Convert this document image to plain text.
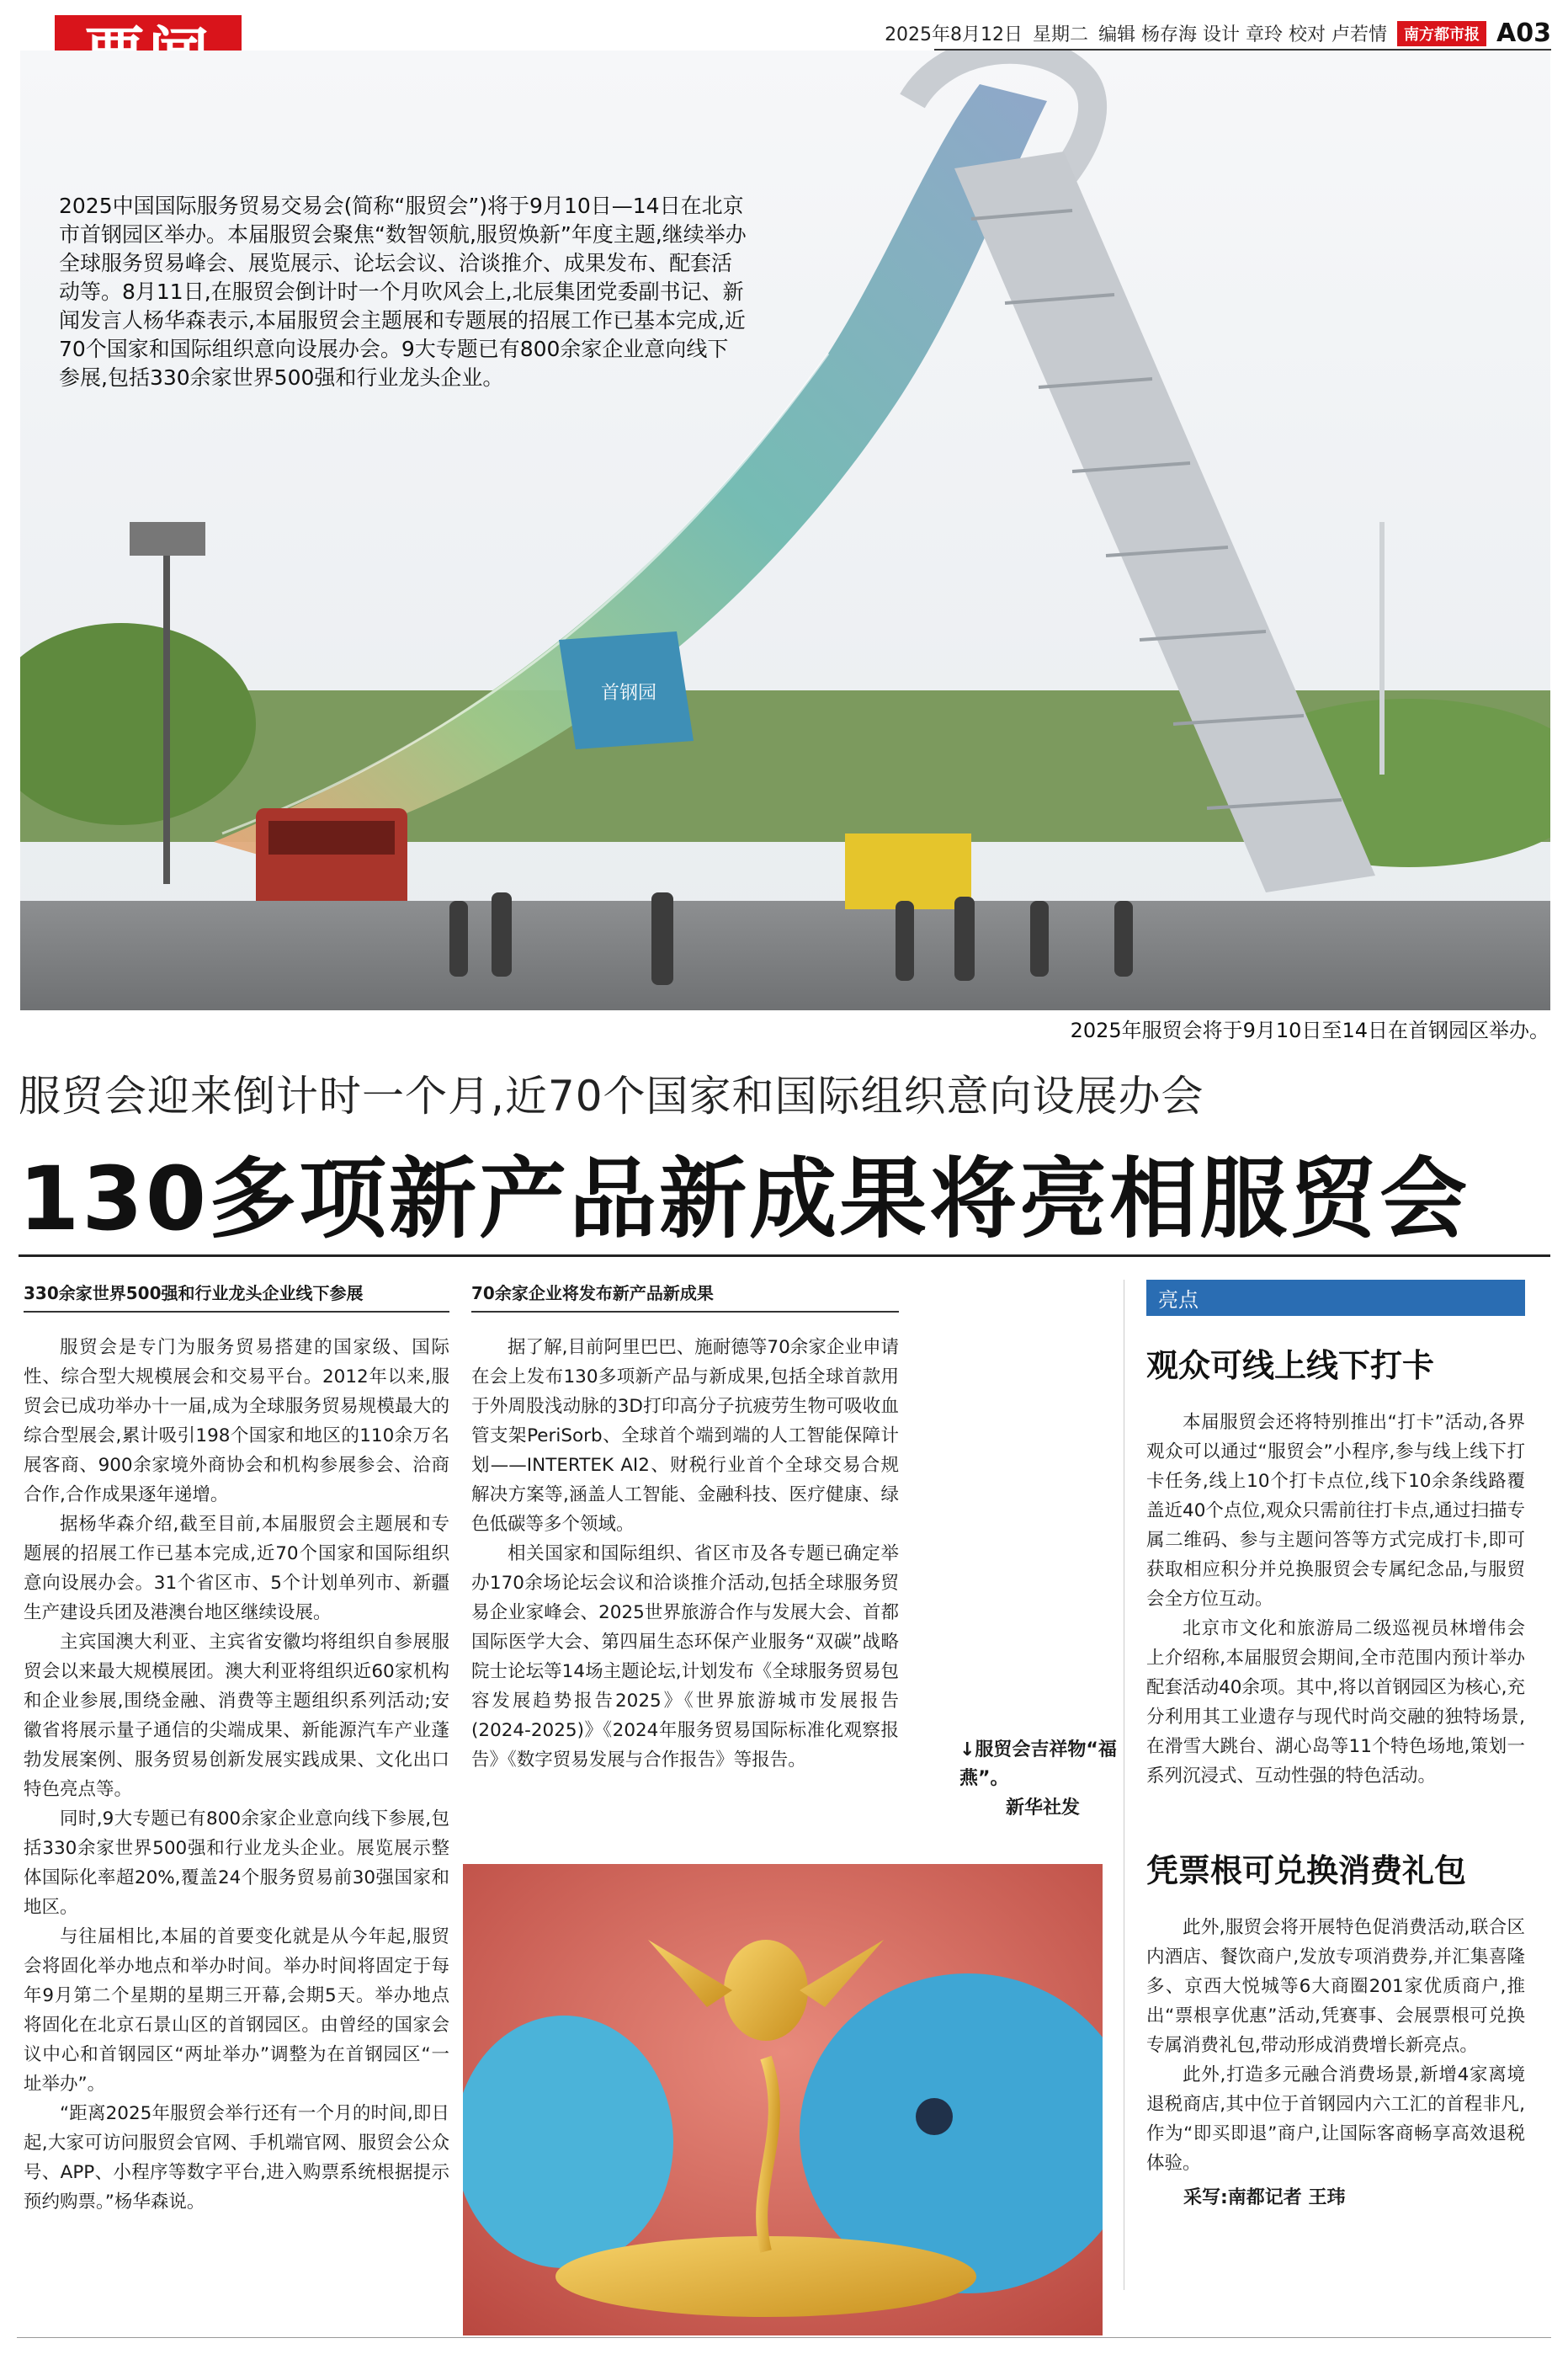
2025年8月12日 星期二 编辑 杨存海 设计 章玲 校对 卢若情	南方都市报 A03
首钢园
2025中国国际服务贸易交易会(简称“服贸会”)将于9月10日—14日在北京市首钢园区举办。本届服贸会聚焦“数智领航,服贸焕新”年度主题,继续举办全球服务贸易峰会、展览展示、论坛会议、洽谈推介、成果发布、配套活动等。8月11日,在服贸会倒计时一个月吹风会上,北辰集团党委副书记、新闻发言人杨华森表示,本届服贸会主题展和专题展的招展工作已基本完成,近70个国家和国际组织意向设展办会。9大专题已有800余家企业意向线下参展,包括330余家世界500强和行业龙头企业。
2025年服贸会将于9月10日至14日在首钢园区举办。
服贸会迎来倒计时一个月,近70个国家和国际组织意向设展办会
130多项新产品新成果将亮相服贸会
330余家世界500强和行业龙头企业线下参展

服贸会是专门为服务贸易搭建的国家级、国际性、综合型大规模展会和交易平台。2012年以来,服贸会已成功举办十一届,成为全球服务贸易规模最大的综合型展会,累计吸引198个国家和地区的110余万名展客商、900余家境外商协会和机构参展参会、洽商合作,合作成果逐年递增。

据杨华森介绍,截至目前,本届服贸会主题展和专题展的招展工作已基本完成,近70个国家和国际组织意向设展办会。31个省区市、5个计划单列市、新疆生产建设兵团及港澳台地区继续设展。

主宾国澳大利亚、主宾省安徽均将组织自参展服贸会以来最大规模展团。澳大利亚将组织近60家机构和企业参展,围绕金融、消费等主题组织系列活动;安徽省将展示量子通信的尖端成果、新能源汽车产业蓬勃发展案例、服务贸易创新发展实践成果、文化出口特色亮点等。

同时,9大专题已有800余家企业意向线下参展,包括330余家世界500强和行业龙头企业。展览展示整体国际化率超20%,覆盖24个服务贸易前30强国家和地区。

与往届相比,本届的首要变化就是从今年起,服贸会将固化举办地点和举办时间。举办时间将固定于每年9月第二个星期的星期三开幕,会期5天。举办地点将固化在北京石景山区的首钢园区。由曾经的国家会议中心和首钢园区“两址举办”调整为在首钢园区“一址举办”。

“距离2025年服贸会举行还有一个月的时间,即日起,大家可访问服贸会官网、手机端官网、服贸会公众号、APP、小程序等数字平台,进入购票系统根据提示预约购票。”杨华森说。

70余家企业将发布新产品新成果

据了解,目前阿里巴巴、施耐德等70余家企业申请在会上发布130多项新产品与新成果,包括全球首款用于外周股浅动脉的3D打印高分子抗疲劳生物可吸收血管支架PeriSorb、全球首个端到端的人工智能保障计划——INTERTEK AI2、财税行业首个全球交易合规解决方案等,涵盖人工智能、金融科技、医疗健康、绿色低碳等多个领域。

相关国家和国际组织、省区市及各专题已确定举办170余场论坛会议和洽谈推介活动,包括全球服务贸易企业家峰会、2025世界旅游合作与发展大会、首都国际医学大会、第四届生态环保产业服务“双碳”战略院士论坛等14场主题论坛,计划发布《全球服务贸易包容发展趋势报告2025》《世界旅游城市发展报告(2024-2025)》《2024年服务贸易国际标准化观察报告》《数字贸易发展与合作报告》等报告。	↓服贸会吉祥物“福燕”。
新华社发
亮点
观众可线上线下打卡

本届服贸会还将特别推出“打卡”活动,各界观众可以通过“服贸会”小程序,参与线上线下打卡任务,线上10个打卡点位,线下10余条线路覆盖近40个点位,观众只需前往打卡点,通过扫描专属二维码、参与主题问答等方式完成打卡,即可获取相应积分并兑换服贸会专属纪念品,与服贸会全方位互动。

北京市文化和旅游局二级巡视员林增伟会上介绍称,本届服贸会期间,全市范围内预计举办配套活动40余项。其中,将以首钢园区为核心,充分利用其工业遗存与现代时尚交融的独特场景,在滑雪大跳台、湖心岛等11个特色场地,策划一系列沉浸式、互动性强的特色活动。

凭票根可兑换消费礼包

此外,服贸会将开展特色促消费活动,联合区内酒店、餐饮商户,发放专项消费券,并汇集喜隆多、京西大悦城等6大商圈201家优质商户,推出“票根享优惠”活动,凭赛事、会展票根可兑换专属消费礼包,带动形成消费增长新亮点。

此外,打造多元融合消费场景,新增4家离境退税商店,其中位于首钢园内六工汇的首程非凡,作为“即买即退”商户,让国际客商畅享高效退税体验。

采写:南都记者 王玮
